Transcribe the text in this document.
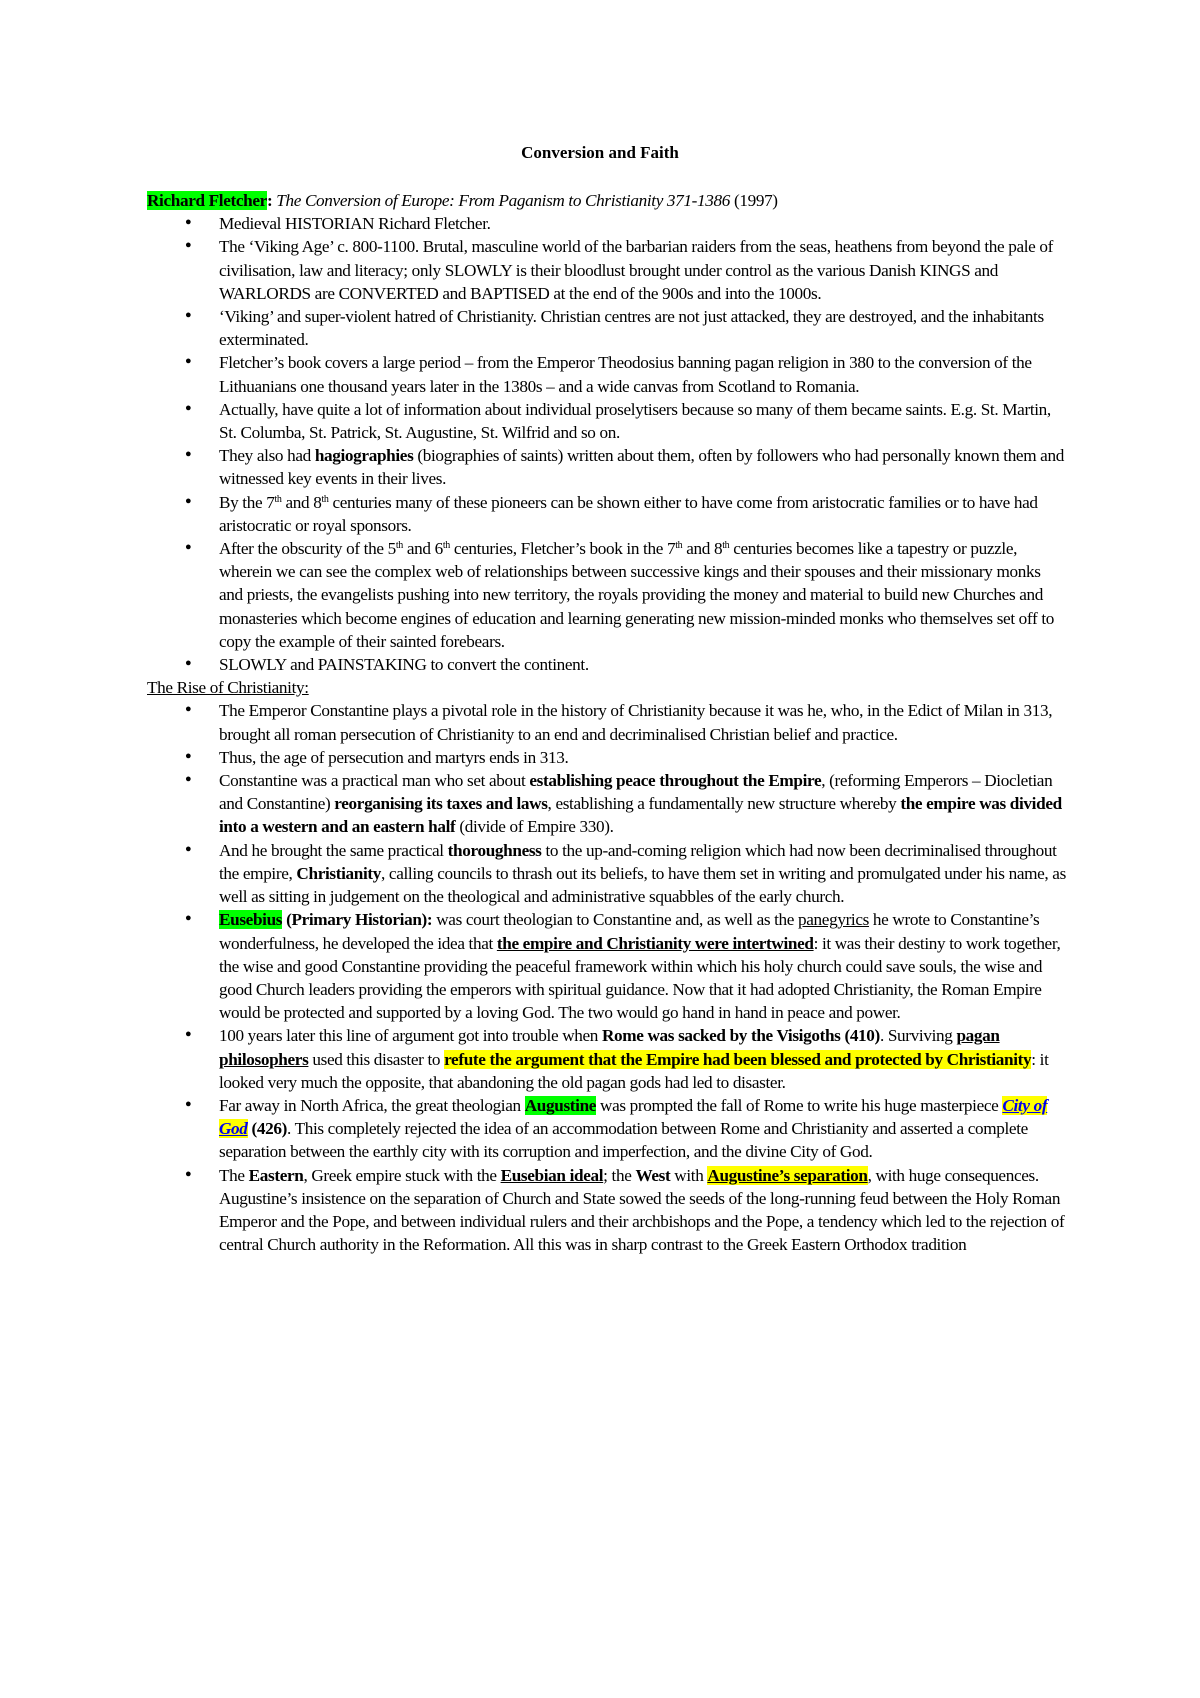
Conversion and Faith

Richard Fletcher: The Conversion of Europe: From Paganism to Christianity 371-1386 (1997)

● Medieval HISTORIAN Richard Fletcher.
● The ‘Viking Age’ c. 800-1100. Brutal, masculine world of the barbarian raiders from the seas, heathens from beyond the pale of civilisation, law and literacy; only SLOWLY is their bloodlust brought under control as the various Danish KINGS and WARLORDS are CONVERTED and BAPTISED at the end of the 900s and into the 1000s.
● ‘Viking’ and super-violent hatred of Christianity. Christian centres are not just attacked, they are destroyed, and the inhabitants exterminated.
● Fletcher’s book covers a large period – from the Emperor Theodosius banning pagan religion in 380 to the conversion of the Lithuanians one thousand years later in the 1380s – and a wide canvas from Scotland to Romania.
● Actually, have quite a lot of information about individual proselytisers because so many of them became saints. E.g. St. Martin, St. Columba, St. Patrick, St. Augustine, St. Wilfrid and so on.
● They also had hagiographies (biographies of saints) written about them, often by followers who had personally known them and witnessed key events in their lives.
● By the 7th and 8th centuries many of these pioneers can be shown either to have come from aristocratic families or to have had aristocratic or royal sponsors.
● After the obscurity of the 5th and 6th centuries, Fletcher’s book in the 7th and 8th centuries becomes like a tapestry or puzzle, wherein we can see the complex web of relationships between successive kings and their spouses and their missionary monks and priests, the evangelists pushing into new territory, the royals providing the money and material to build new Churches and monasteries which become engines of education and learning generating new mission-minded monks who themselves set off to copy the example of their sainted forebears.
● SLOWLY and PAINSTAKING to convert the continent.

The Rise of Christianity:

● The Emperor Constantine plays a pivotal role in the history of Christianity because it was he, who, in the Edict of Milan in 313, brought all roman persecution of Christianity to an end and decriminalised Christian belief and practice.
● Thus, the age of persecution and martyrs ends in 313.
● Constantine was a practical man who set about establishing peace throughout the Empire, (reforming Emperors – Diocletian and Constantine) reorganising its taxes and laws, establishing a fundamentally new structure whereby the empire was divided into a western and an eastern half (divide of Empire 330).
● And he brought the same practical thoroughness to the up-and-coming religion which had now been decriminalised throughout the empire, Christianity, calling councils to thrash out its beliefs, to have them set in writing and promulgated under his name, as well as sitting in judgement on the theological and administrative squabbles of the early church.
● Eusebius (Primary Historian): was court theologian to Constantine and, as well as the panegyrics he wrote to Constantine’s wonderfulness, he developed the idea that the empire and Christianity were intertwined: it was their destiny to work together, the wise and good Constantine providing the peaceful framework within which his holy church could save souls, the wise and good Church leaders providing the emperors with spiritual guidance. Now that it had adopted Christianity, the Roman Empire would be protected and supported by a loving God. The two would go hand in hand in peace and power.
● 100 years later this line of argument got into trouble when Rome was sacked by the Visigoths (410). Surviving pagan philosophers used this disaster to refute the argument that the Empire had been blessed and protected by Christianity: it looked very much the opposite, that abandoning the old pagan gods had led to disaster.
● Far away in North Africa, the great theologian Augustine was prompted the fall of Rome to write his huge masterpiece City of God (426). This completely rejected the idea of an accommodation between Rome and Christianity and asserted a complete separation between the earthly city with its corruption and imperfection, and the divine City of God.
● The Eastern, Greek empire stuck with the Eusebian ideal; the West with Augustine’s separation, with huge consequences. Augustine’s insistence on the separation of Church and State sowed the seeds of the long-running feud between the Holy Roman Emperor and the Pope, and between individual rulers and their archbishops and the Pope, a tendency which led to the rejection of central Church authority in the Reformation. All this was in sharp contrast to the Greek Eastern Orthodox tradition
